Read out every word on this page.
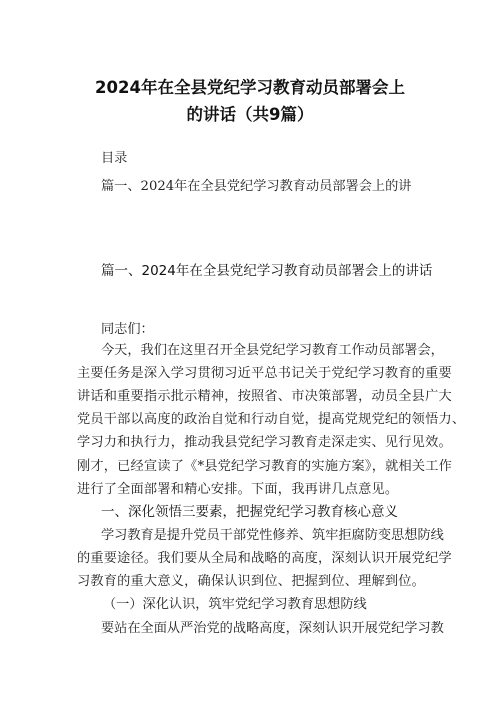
2024年在全县党纪学习教育动员部署会上
的讲话（共9篇）
目录
篇一、2024年在全县党纪学习教育动员部署会上的讲
篇一、2024年在全县党纪学习教育动员部署会上的讲话
同志们：
今天，我们在这里召开全县党纪学习教育工作动员部署会，
主要任务是深入学习贯彻习近平总书记关于党纪学习教育的重要
讲话和重要指示批示精神，按照省、市决策部署，动员全县广大
党员干部以高度的政治自觉和行动自觉，提高党规党纪的领悟力、
学习力和执行力，推动我县党纪学习教育走深走实、见行见效。
刚才，已经宣读了《*县党纪学习教育的实施方案》，就相关工作
进行了全面部署和精心安排。下面，我再讲几点意见。
一、深化领悟三要素，把握党纪学习教育核心意义
学习教育是提升党员干部党性修养、筑牢拒腐防变思想防线
的重要途径。我们要从全局和战略的高度，深刻认识开展党纪学
习教育的重大意义，确保认识到位、把握到位、理解到位。
（一）深化认识，筑牢党纪学习教育思想防线
要站在全面从严治党的战略高度，深刻认识开展党纪学习教
